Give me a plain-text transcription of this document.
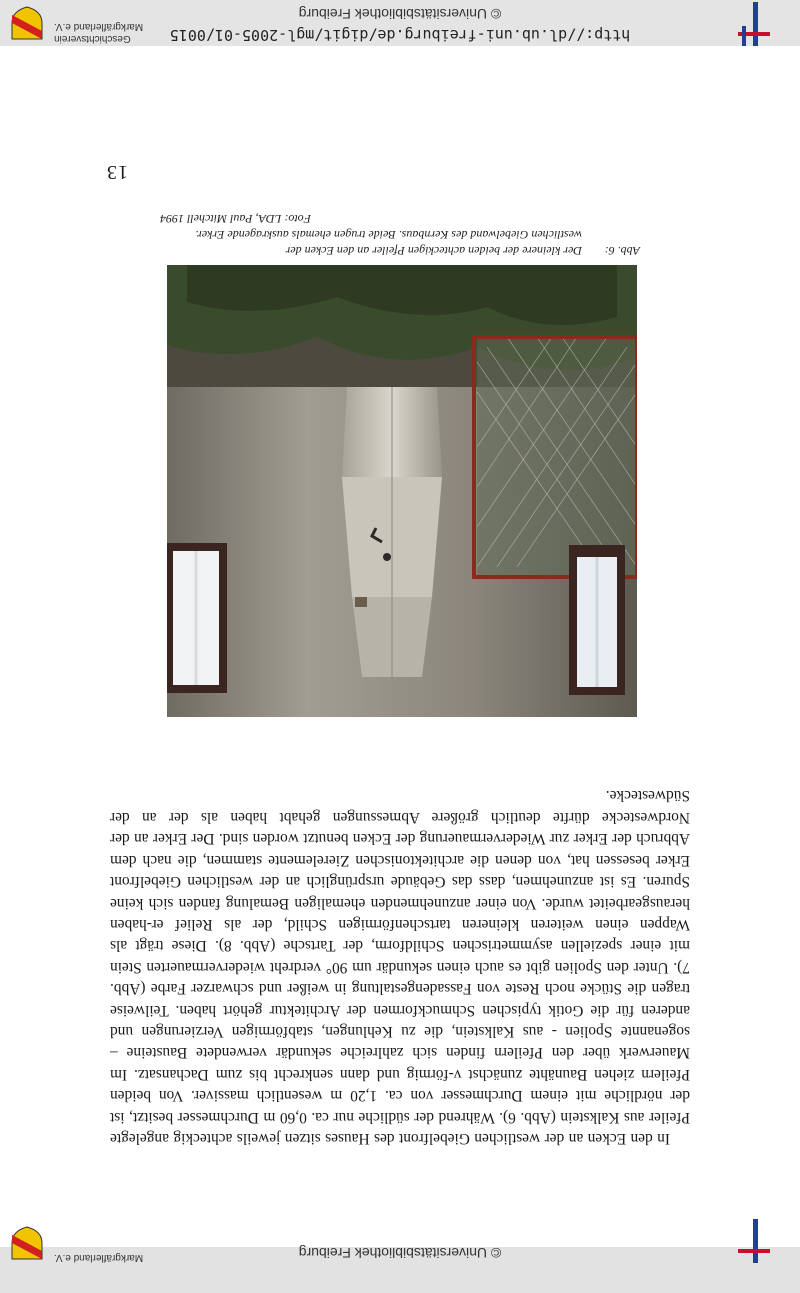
© Universitätsbibliothek Freiburg
Markgräflerland e.V.
13

In den Ecken an der westlichen Giebelfront des Hauses sitzen jeweils achteckig angelegte Pfeiler aus Kalkstein (Abb. 6). Während der südliche nur ca. 0,60 m Durchmesser besitzt, ist der nördliche mit einem Durchmesser von ca. 1,20 m wesentlich massiver. Von beiden Pfeilern ziehen Baunähte zunächst v-förmig und dann senkrecht bis zum Dachansatz. Im Mauerwerk über den Pfeilern finden sich zahlreiche sekundär verwendete Bausteine – sogenannte Spolien - aus Kalkstein, die zu Kehlungen, stabförmigen Verzierungen und anderen für die Gotik typischen Schmuckformen der Architektur gehört haben. Teilweise tragen die Stücke noch Reste von Fassadengestaltung in weißer und schwarzer Farbe (Abb. 7). Unter den Spolien gibt es auch einen sekundär um 90° verdreht wiedervermauerten Stein mit einer speziellen asymmetrischen Schildform, der Tartsche (Abb. 8). Diese trägt als Wappen einen weiteren kleineren tartschenförmigen Schild, der als Relief er-haben herausgearbeitet wurde. Von einer anzunehmenden ehemaligen Bemalung fanden sich keine Spuren. Es ist anzunehmen, dass das Gebäude ursprünglich an der westlichen Giebelfront Erker besessen hat, von denen die architektonischen Zierelemente stammen, die nach dem Abbruch der Erker zur Wiedervermauerung der Ecken benutzt worden sind. Der Erker an der Nordwestecke dürfte deutlich größere Abmessungen gehabt haben als der an der Südwestecke.

Abb. 6:Der kleinere der beiden achteckigen Pfeiler an den Ecken der
westlichen Giebelwand des Kernbaus. Beide trugen ehemals auskragende Erker.
Foto: LDA, Paul Mitchell 1994
http://dl.ub.uni-freiburg.de/digit/mgl-2005-01/0015
© Universitätsbibliothek Freiburg
Geschichtsverein
Markgräflerland e.V.
